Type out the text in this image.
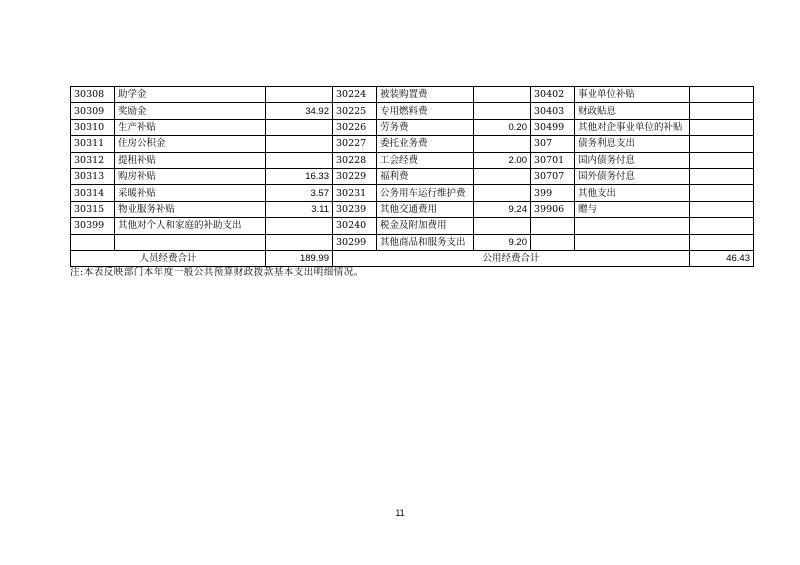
30308	助学金		30224	被装购置费		30402	事业单位补贴	
30309	奖励金	34.92	30225	专用燃料费		30403	财政贴息	
30310	生产补贴		30226	劳务费	0.20	30499	其他对企事业单位的补贴	
30311	住房公积金		30227	委托业务费		307	债务利息支出	
30312	提租补贴		30228	工会经费	2.00	30701	国内债务付息	
30313	购房补贴	16.33	30229	福利费		30707	国外债务付息	
30314	采暖补贴	3.57	30231	公务用车运行维护费		399	其他支出	
30315	物业服务补贴	3.11	30239	其他交通费用	9.24	39906	赠与	
30399	其他对个人和家庭的补助支出		30240	税金及附加费用				
			30299	其他商品和服务支出	9.20			
人员经费合计		189.99	公用经费合计					46.43
注:本表反映部门本年度一般公共预算财政拨款基本支出明细情况。
11
